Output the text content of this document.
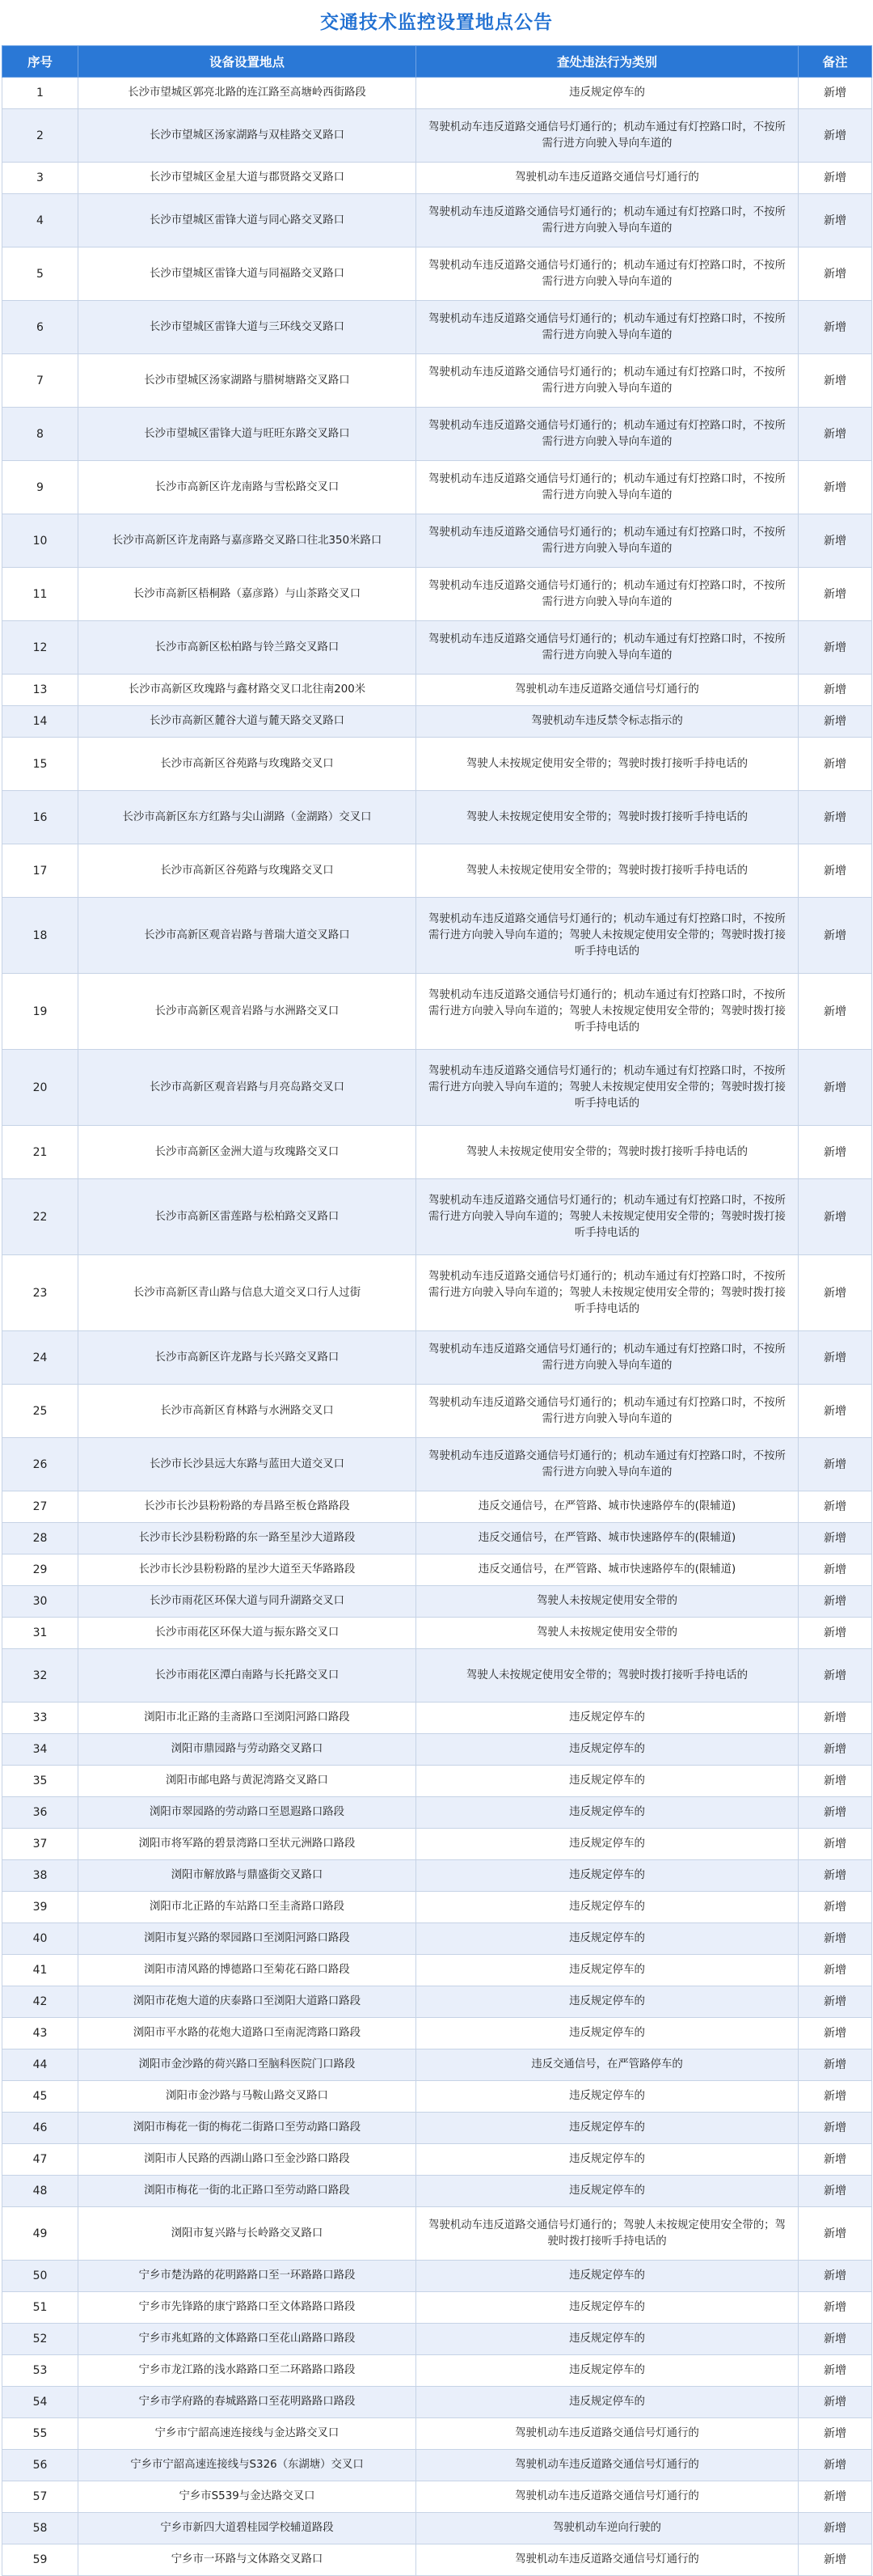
交通技术监控设置地点公告
序号	设备设置地点	查处违法行为类别	备注
1	长沙市望城区郭亮北路的连江路至高塘岭西街路段	违反规定停车的	新增
2	长沙市望城区汤家湖路与双桂路交叉路口	驾驶机动车违反道路交通信号灯通行的；机动车通过有灯控路口时，不按所需行进方向驶入导向车道的	新增
3	长沙市望城区金星大道与郡贤路交叉路口	驾驶机动车违反道路交通信号灯通行的	新增
4	长沙市望城区雷锋大道与同心路交叉路口	驾驶机动车违反道路交通信号灯通行的；机动车通过有灯控路口时，不按所需行进方向驶入导向车道的	新增
5	长沙市望城区雷锋大道与同福路交叉路口	驾驶机动车违反道路交通信号灯通行的；机动车通过有灯控路口时，不按所需行进方向驶入导向车道的	新增
6	长沙市望城区雷锋大道与三环线交叉路口	驾驶机动车违反道路交通信号灯通行的；机动车通过有灯控路口时，不按所需行进方向驶入导向车道的	新增
7	长沙市望城区汤家湖路与腊树塘路交叉路口	驾驶机动车违反道路交通信号灯通行的；机动车通过有灯控路口时，不按所需行进方向驶入导向车道的	新增
8	长沙市望城区雷锋大道与旺旺东路交叉路口	驾驶机动车违反道路交通信号灯通行的；机动车通过有灯控路口时，不按所需行进方向驶入导向车道的	新增
9	长沙市高新区许龙南路与雪松路交叉口	驾驶机动车违反道路交通信号灯通行的；机动车通过有灯控路口时，不按所需行进方向驶入导向车道的	新增
10	长沙市高新区许龙南路与嘉彦路交叉路口往北350米路口	驾驶机动车违反道路交通信号灯通行的；机动车通过有灯控路口时，不按所需行进方向驶入导向车道的	新增
11	长沙市高新区梧桐路（嘉彦路）与山茶路交叉口	驾驶机动车违反道路交通信号灯通行的；机动车通过有灯控路口时，不按所需行进方向驶入导向车道的	新增
12	长沙市高新区松柏路与铃兰路交叉路口	驾驶机动车违反道路交通信号灯通行的；机动车通过有灯控路口时，不按所需行进方向驶入导向车道的	新增
13	长沙市高新区玫瑰路与鑫材路交叉口北往南200米	驾驶机动车违反道路交通信号灯通行的	新增
14	长沙市高新区麓谷大道与麓天路交叉路口	驾驶机动车违反禁令标志指示的	新增
15	长沙市高新区谷苑路与玫瑰路交叉口	驾驶人未按规定使用安全带的；驾驶时拨打接听手持电话的	新增
16	长沙市高新区东方红路与尖山湖路（金湖路）交叉口	驾驶人未按规定使用安全带的；驾驶时拨打接听手持电话的	新增
17	长沙市高新区谷苑路与玫瑰路交叉口	驾驶人未按规定使用安全带的；驾驶时拨打接听手持电话的	新增
18	长沙市高新区观音岩路与普瑞大道交叉路口	驾驶机动车违反道路交通信号灯通行的；机动车通过有灯控路口时，不按所需行进方向驶入导向车道的；驾驶人未按规定使用安全带的；驾驶时拨打接听手持电话的	新增
19	长沙市高新区观音岩路与水洲路交叉口	驾驶机动车违反道路交通信号灯通行的；机动车通过有灯控路口时，不按所需行进方向驶入导向车道的；驾驶人未按规定使用安全带的；驾驶时拨打接听手持电话的	新增
20	长沙市高新区观音岩路与月亮岛路交叉口	驾驶机动车违反道路交通信号灯通行的；机动车通过有灯控路口时，不按所需行进方向驶入导向车道的；驾驶人未按规定使用安全带的；驾驶时拨打接听手持电话的	新增
21	长沙市高新区金洲大道与玫瑰路交叉口	驾驶人未按规定使用安全带的；驾驶时拨打接听手持电话的	新增
22	长沙市高新区雷莲路与松柏路交叉路口	驾驶机动车违反道路交通信号灯通行的；机动车通过有灯控路口时，不按所需行进方向驶入导向车道的；驾驶人未按规定使用安全带的；驾驶时拨打接听手持电话的	新增
23	长沙市高新区青山路与信息大道交叉口行人过街	驾驶机动车违反道路交通信号灯通行的；机动车通过有灯控路口时，不按所需行进方向驶入导向车道的；驾驶人未按规定使用安全带的；驾驶时拨打接听手持电话的	新增
24	长沙市高新区许龙路与长兴路交叉路口	驾驶机动车违反道路交通信号灯通行的；机动车通过有灯控路口时，不按所需行进方向驶入导向车道的	新增
25	长沙市高新区育林路与水洲路交叉口	驾驶机动车违反道路交通信号灯通行的；机动车通过有灯控路口时，不按所需行进方向驶入导向车道的	新增
26	长沙市长沙县远大东路与蓝田大道交叉口	驾驶机动车违反道路交通信号灯通行的；机动车通过有灯控路口时，不按所需行进方向驶入导向车道的	新增
27	长沙市长沙县粉粉路的寿昌路至板仓路路段	违反交通信号，在严管路、城市快速路停车的(限辅道)	新增
28	长沙市长沙县粉粉路的东一路至星沙大道路段	违反交通信号，在严管路、城市快速路停车的(限辅道)	新增
29	长沙市长沙县粉粉路的星沙大道至天华路路段	违反交通信号，在严管路、城市快速路停车的(限辅道)	新增
30	长沙市雨花区环保大道与同升湖路交叉口	驾驶人未按规定使用安全带的	新增
31	长沙市雨花区环保大道与振东路交叉口	驾驶人未按规定使用安全带的	新增
32	长沙市雨花区潭白南路与长托路交叉口	驾驶人未按规定使用安全带的；驾驶时拨打接听手持电话的	新增
33	浏阳市北正路的圭斋路口至浏阳河路口路段	违反规定停车的	新增
34	浏阳市鼎园路与劳动路交叉路口	违反规定停车的	新增
35	浏阳市邮电路与黄泥湾路交叉路口	违反规定停车的	新增
36	浏阳市翠园路的劳动路口至恩遐路口路段	违反规定停车的	新增
37	浏阳市将军路的碧景湾路口至状元洲路口路段	违反规定停车的	新增
38	浏阳市解放路与鼎盛街交叉路口	违反规定停车的	新增
39	浏阳市北正路的车站路口至圭斋路口路段	违反规定停车的	新增
40	浏阳市复兴路的翠园路口至浏阳河路口路段	违反规定停车的	新增
41	浏阳市清风路的博德路口至菊花石路口路段	违反规定停车的	新增
42	浏阳市花炮大道的庆泰路口至浏阳大道路口路段	违反规定停车的	新增
43	浏阳市平水路的花炮大道路口至南泥湾路口路段	违反规定停车的	新增
44	浏阳市金沙路的荷兴路口至脑科医院门口路段	违反交通信号，在严管路停车的	新增
45	浏阳市金沙路与马鞍山路交叉路口	违反规定停车的	新增
46	浏阳市梅花一街的梅花二街路口至劳动路口路段	违反规定停车的	新增
47	浏阳市人民路的西湖山路口至金沙路口路段	违反规定停车的	新增
48	浏阳市梅花一街的北正路口至劳动路口路段	违反规定停车的	新增
49	浏阳市复兴路与长岭路交叉路口	驾驶机动车违反道路交通信号灯通行的；驾驶人未按规定使用安全带的；驾驶时拨打接听手持电话的	新增
50	宁乡市楚沩路的花明路路口至一环路路口路段	违反规定停车的	新增
51	宁乡市先锋路的康宁路路口至文体路路口路段	违反规定停车的	新增
52	宁乡市兆虹路的文体路路口至花山路路口路段	违反规定停车的	新增
53	宁乡市龙江路的浅水路路口至二环路路口路段	违反规定停车的	新增
54	宁乡市学府路的春城路路口至花明路路口路段	违反规定停车的	新增
55	宁乡市宁韶高速连接线与金达路交叉口	驾驶机动车违反道路交通信号灯通行的	新增
56	宁乡市宁韶高速连接线与S326（东湖塘）交叉口	驾驶机动车违反道路交通信号灯通行的	新增
57	宁乡市S539与金达路交叉口	驾驶机动车违反道路交通信号灯通行的	新增
58	宁乡市新四大道碧桂园学校辅道路段	驾驶机动车逆向行驶的	新增
59	宁乡市一环路与文体路交叉路口	驾驶机动车违反道路交通信号灯通行的	新增
